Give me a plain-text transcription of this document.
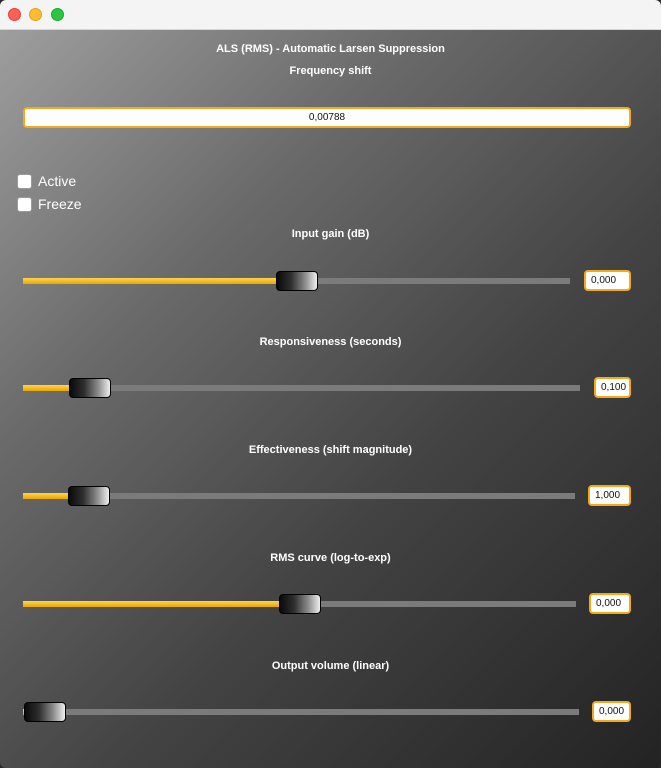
ALS (RMS) - Automatic Larsen Suppression
Frequency shift
0,00788
Active
Freeze
Input gain (dB)
0,000
Responsiveness (seconds)
0,100
Effectiveness (shift magnitude)
1,000
RMS curve (log-to-exp)
0,000
Output volume (linear)
0,000
